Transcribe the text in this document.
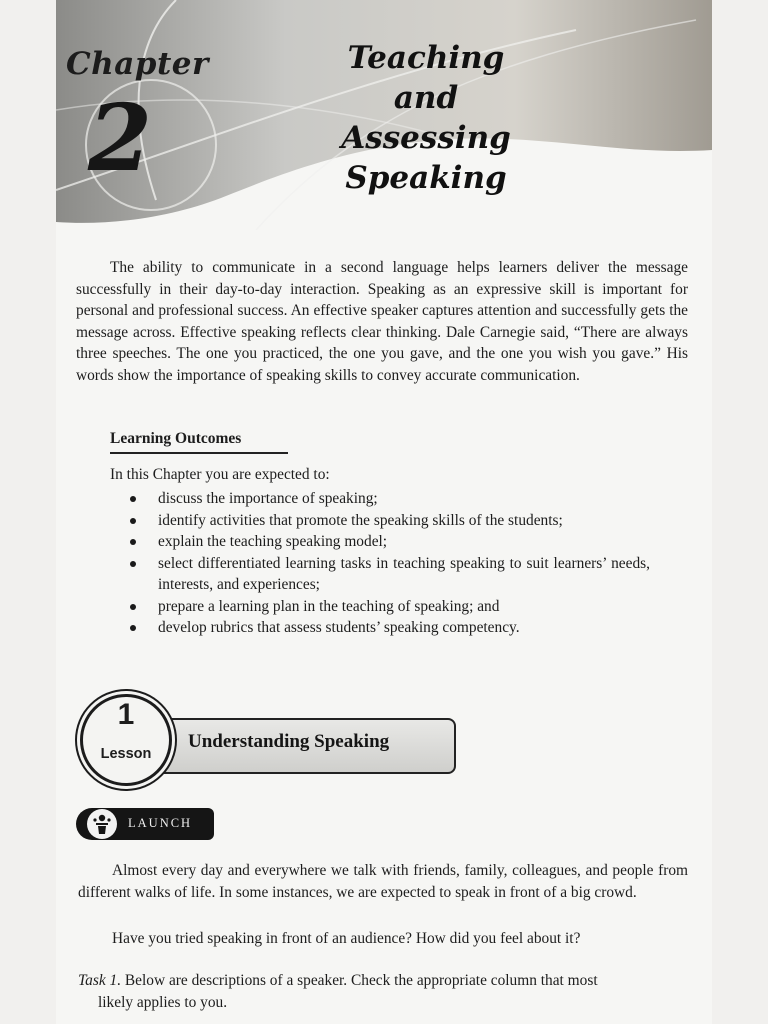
Chapter
2
Teaching
and
Assessing Speaking

The ability to communicate in a second language helps learners deliver the message successfully in their day-to-day interaction. Speaking as an expressive skill is important for personal and professional success. An effective speaker captures attention and successfully gets the message across. Effective speaking reflects clear thinking. Dale Carnegie said, “There are always three speeches. The one you practiced, the one you gave, and the one you wish you gave.” His words show the importance of speaking skills to convey accurate communication.

Learning Outcomes
In this Chapter you are expected to:
discuss the importance of speaking;
identify activities that promote the speaking skills of the students;
explain the teaching speaking model;
select differentiated learning tasks in teaching speaking to suit learners’ needs, interests, and experiences;
prepare a learning plan in the teaching of speaking; and
develop rubrics that assess students’ speaking competency.
Understanding Speaking
1
Lesson
LAUNCH

Almost every day and everywhere we talk with friends, family, colleagues, and people from different walks of life. In some instances, we are expected to speak in front of a big crowd.

Have you tried speaking in front of an audience? How did you feel about it?

Task 1. Below are descriptions of a speaker. Check the appropriate column that most
likely applies to you.
